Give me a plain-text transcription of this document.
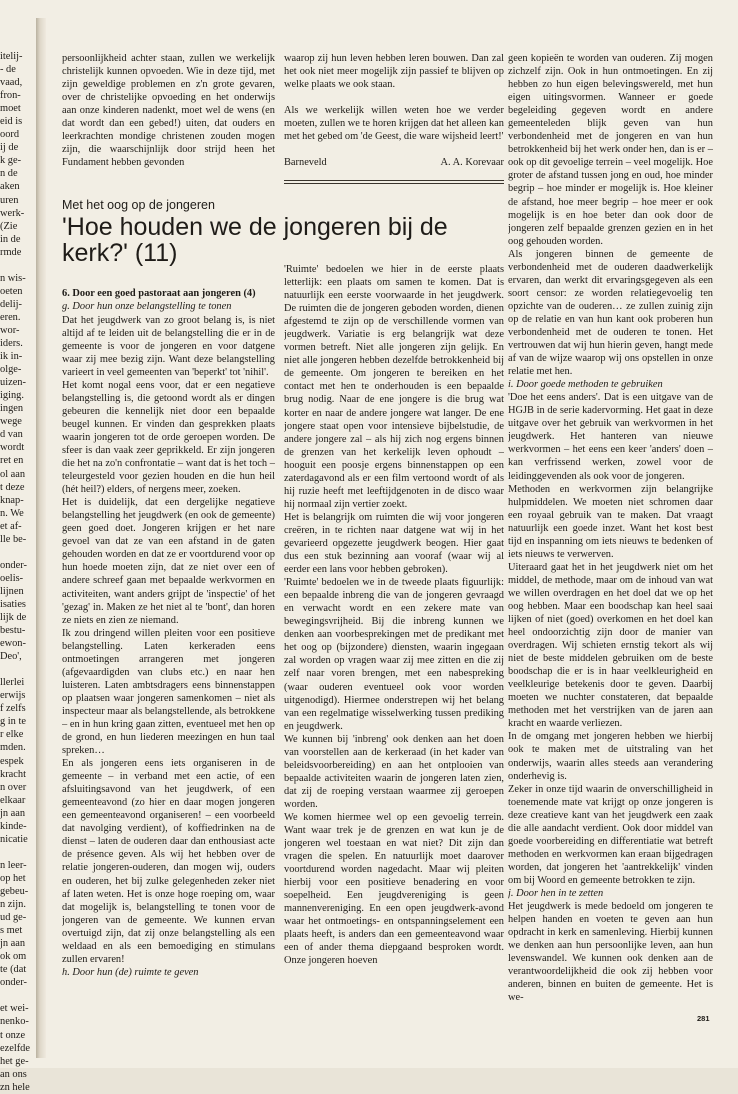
itelij-
- de
vaad,
fron-
moet
eid is
oord
ij de
k ge-
n de
aken
uren
werk-
(Zie
in de
rmde
n wis-
oeten
delij-
eren.
wor-
iders.
ik in-
olge-
uizen-
iging.
ingen
wege
d van
wordt
ret en
ol aan
t deze
knap-
n. We
et af-
lle be-
onder-
oelis-
lijnen
isaties
lijk de
bestu-
ewon-
Deo',
llerlei
erwijs
f zelfs
g in te
r elke
mden.
espek
kracht
n over
elkaar
jn aan
kinde-
nicatie
n leer-
op het
gebeu-
n zijn.
ud ge-
s met
jn aan
ok om
te (dat
onder-
et wei-
nenko-
t onze
ezelfde
het ge-
an ons
zn hele

persoonlijkheid achter staan, zullen we werkelijk christelijk kunnen opvoeden. Wie in deze tijd, met zijn geweldige problemen en z'n grote gevaren, over de christelijke opvoeding en het onderwijs aan onze kinderen nadenkt, moet wel de wens (en dat wordt dan een gebed!) uiten, dat ouders en leerkrachten mondige christenen zouden mogen zijn, die waarschijnlijk door strijd heen het Fundament hebben gevonden

6. Door een goed pastoraat aan jongeren (4)

g. Door hun onze belangstelling te tonen

Dat het jeugdwerk van zo groot belang is, is niet altijd af te leiden uit de belangstelling die er in de gemeente is voor de jongeren en voor datgene waar zij mee bezig zijn. Want deze belangstelling varieert in veel gemeenten van 'beperkt' tot 'nihil'.

Het komt nogal eens voor, dat er een negatieve belangstelling is, die getoond wordt als er dingen gebeuren die kennelijk niet door een bepaalde beugel kunnen. Er vinden dan gesprekken plaats waarin jongeren tot de orde geroepen worden. De sfeer is dan vaak zeer geprikkeld. Er zijn jongeren die het na zo'n confrontatie – want dat is het toch – teleurgesteld voor gezien houden en die hun heil (hét heil?) elders, of nergens meer, zoeken.

Het is duidelijk, dat een dergelijke negatieve belangstelling het jeugdwerk (en ook de gemeente) geen goed doet. Jongeren krijgen er het nare gevoel van dat ze van een afstand in de gaten gehouden worden en dat ze er voortdurend voor op hun hoede moeten zijn, dat ze niet over een of andere schreef gaan met bepaalde werkvormen en activiteiten, want anders grijpt de 'inspectie' of het 'gezag' in. Maken ze het niet al te 'bont', dan horen ze niets en zien ze niemand.

Ik zou dringend willen pleiten voor een positieve belangstelling. Laten kerkeraden eens ontmoetingen arrangeren met jongeren (afgevaardigden van clubs etc.) en naar hen luisteren. Laten ambtsdragers eens binnenstappen op plaatsen waar jongeren samenkomen – niet als inspecteur maar als belangstellende, als betrokkene – en in hun kring gaan zitten, eventueel met hen op de grond, en hun liederen meezingen en hun taal spreken…

En als jongeren eens iets organiseren in de gemeente – in verband met een actie, of een afsluitingsavond van het jeugdwerk, of een gemeenteavond (zo hier en daar mogen jongeren een gemeenteavond organiseren! – een voorbeeld dat navolging verdient), of koffiedrinken na de dienst – laten de ouderen daar dan enthousiast acte de présence geven. Als wij het hebben over de relatie jongeren-ouderen, dan mogen wij, ouders en ouderen, het bij zulke gelegenheden zeker niet af laten weten. Het is onze hoge roeping om, waar dat mogelijk is, belangstelling te tonen voor de jongeren van de gemeente. We kunnen ervan overtuigd zijn, dat zij onze belangstelling als een weldaad en als een bemoediging en stimulans zullen ervaren!

h. Door hun (de) ruimte te geven

waarop zij hun leven hebben leren bouwen. Dan zal het ook niet meer mogelijk zijn passief te blijven op welke plaats we ook staan.

Als we werkelijk willen weten hoe we verder moeten, zullen we te horen krijgen dat het alleen kan met het gebed om 'de Geest, die ware wijsheid leert!'

Barneveld	A. A. Korevaar
Met het oog op de jongeren
'Hoe houden we de jongeren bij de kerk?' (11)

'Ruimte' bedoelen we hier in de eerste plaats letterlijk: een plaats om samen te komen. Dat is natuurlijk een eerste voorwaarde in het jeugdwerk. De ruimten die de jongeren geboden worden, dienen afgestemd te zijn op de verschillende vormen van jeugdwerk. Variatie is erg belangrijk wat deze vormen betreft. Niet alle jongeren zijn gelijk. En niet alle jongeren hebben dezelfde betrokkenheid bij de gemeente. Om jongeren te bereiken en het contact met hen te onderhouden is een bepaalde brug nodig. Naar de ene jongere is die brug wat korter en naar de andere jongere wat langer. De ene jongere staat open voor intensieve bijbelstudie, de andere jongere zal – als hij zich nog ergens binnen de grenzen van het kerkelijk leven ophoudt – hooguit een poosje ergens binnenstappen op een zaterdagavond als er een film vertoond wordt of als hij ruzie heeft met leeftijdgenoten in de disco waar hij normaal zijn vertier zoekt.

Het is belangrijk om ruimten die wij voor jongeren creëren, in te richten naar datgene wat wij in het gevarieerd opgezette jeugdwerk beogen. Hier gaat dus een stuk bezinning aan vooraf (waar wij al eerder een lans voor hebben gebroken).

'Ruimte' bedoelen we in de tweede plaats figuurlijk: een bepaalde inbreng die van de jongeren gevraagd en verwacht wordt en een zekere mate van bewegingsvrijheid. Bij die inbreng kunnen we denken aan voorbesprekingen met de predikant met het oog op (bijzondere) diensten, waarin ingegaan zal worden op vragen waar zij mee zitten en die zij zelf naar voren brengen, met een nabespreking (waar ouderen eventueel ook voor worden uitgenodigd). Hiermee onderstrepen wij het belang van een regelmatige wisselwerking tussen prediking en jeugdwerk.

We kunnen bij 'inbreng' ook denken aan het doen van voorstellen aan de kerkeraad (in het kader van beleidsvoorbereiding) en aan het ontplooien van bepaalde activiteiten waarin de jongeren laten zien, dat zij de roeping verstaan waarmee zij geroepen worden.

We komen hiermee wel op een gevoelig terrein. Want waar trek je de grenzen en wat kun je de jongeren wel toestaan en wat niet? Dit zijn dan vragen die spelen. En natuurlijk moet daarover voortdurend worden nagedacht. Maar wij pleiten hierbij voor een positieve benadering en voor soepelheid. Een jeugdvereniging is geen mannenvereniging. En een open jeugdwerk-avond waar het ontmoetings- en ontspanningselement een plaats heeft, is anders dan een gemeenteavond waar een of ander thema diepgaand besproken wordt. Onze jongeren hoeven

geen kopieën te worden van ouderen. Zij mogen zichzelf zijn. Ook in hun ontmoetingen. En zij hebben zo hun eigen belevingswereld, met hun eigen uitingsvormen. Wanneer er goede begeleiding gegeven wordt en andere gemeenteleden blijk geven van hun verbondenheid met de jongeren en van hun betrokkenheid bij het werk onder hen, dan is er – ook op dit gevoelige terrein – veel mogelijk. Hoe groter de afstand tussen jong en oud, hoe minder begrip – hoe minder er mogelijk is. Hoe kleiner de afstand, hoe meer begrip – hoe meer er ook mogelijk is en hoe beter dan ook door de jongeren zelf bepaalde grenzen gezien en in het oog gehouden worden.

Als jongeren binnen de gemeente de verbondenheid met de ouderen daadwerkelijk ervaren, dan werkt dit ervaringsgegeven als een soort censor: ze worden relatiegevoelig ten opzichte van de ouderen… ze zullen zuinig zijn op de relatie en van hun kant ook proberen hun verbondenheid met de ouderen te tonen. Het vertrouwen dat wij hun hierin geven, hangt mede af van de wijze waarop wij ons opstellen in onze relatie met hen.

i. Door goede methoden te gebruiken

'Doe het eens anders'. Dat is een uitgave van de HGJB in de serie kadervorming. Het gaat in deze uitgave over het gebruik van werkvormen in het jeugdwerk. Het hanteren van nieuwe werkvormen – het eens een keer 'anders' doen – kan verfrissend werken, zowel voor de leidinggevenden als ook voor de jongeren.

Methoden en werkvormen zijn belangrijke hulpmiddelen. We moeten niet schromen daar een royaal gebruik van te maken. Dat vraagt natuurlijk een goede inzet. Want het kost best tijd en inspanning om iets nieuws te bedenken of iets nieuws te verwerven.

Uiteraard gaat het in het jeugdwerk niet om het middel, de methode, maar om de inhoud van wat we willen overdragen en het doel dat we op het oog hebben. Maar een boodschap kan heel saai lijken of niet (goed) overkomen en het doel kan heel ondoorzichtig zijn door de manier van overdragen. Wij schieten ernstig tekort als wij niet de beste middelen gebruiken om de beste boodschap die er is in haar veelkleurigheid en veelkleurige betekenis door te geven. Daarbij moeten we nuchter constateren, dat bepaalde methoden met het verstrijken van de jaren aan kracht en waarde verliezen.

In de omgang met jongeren hebben we hierbij ook te maken met de uitstraling van het onderwijs, waarin alles steeds aan verandering onderhevig is.

Zeker in onze tijd waarin de onverschilligheid in toenemende mate vat krijgt op onze jongeren is deze creatieve kant van het jeugdwerk een zaak die alle aandacht verdient. Ook door middel van goede voorbereiding en differentiatie wat betreft methoden en werkvormen kan eraan bijgedragen worden, dat jongeren het 'aantrekkelijk' vinden om bij Woord en gemeente betrokken te zijn.

j. Door hen in te zetten

Het jeugdwerk is mede bedoeld om jongeren te helpen handen en voeten te geven aan hun opdracht in kerk en samenleving. Hierbij kunnen we denken aan hun persoonlijke leven, aan hun levenswandel. We kunnen ook denken aan de verantwoordelijkheid die ook zij hebben voor anderen, binnen en buiten de gemeente. Het is we-

281
